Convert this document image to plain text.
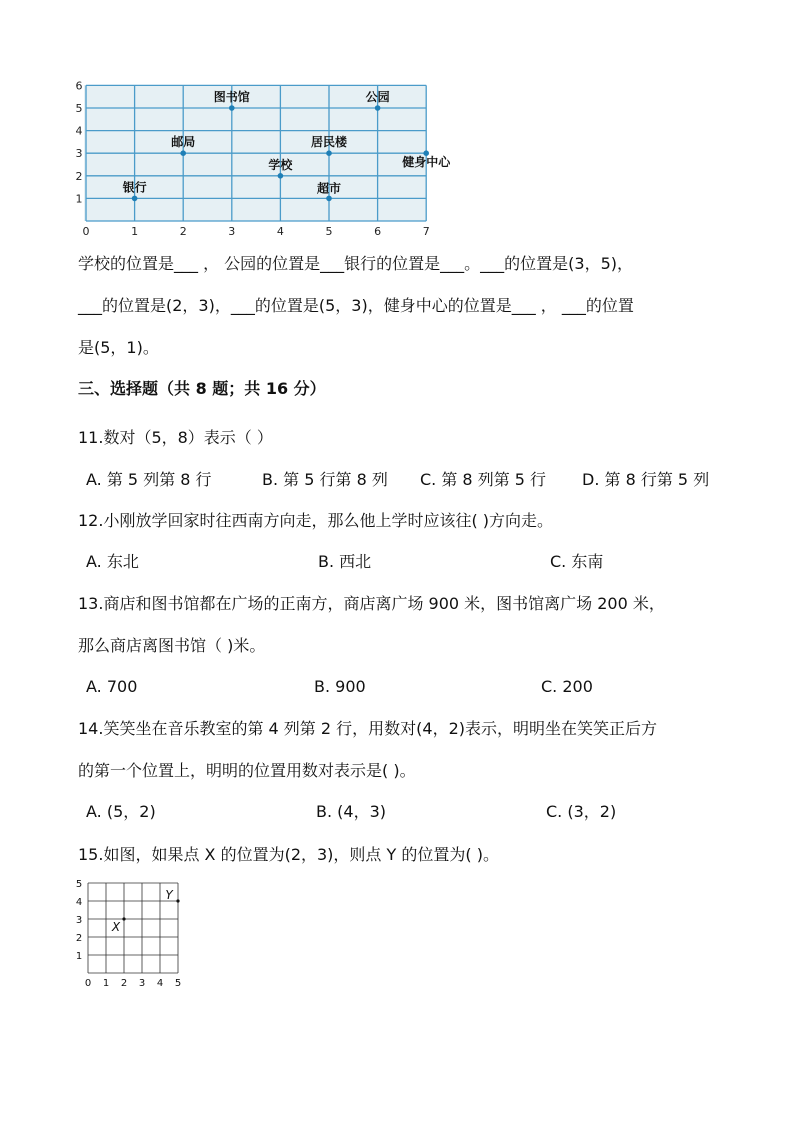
0	1	2	3	4	5	6	7
1
2
3
4
5
6
图书馆	公园
邮局	居民楼
健身中心
学校
银行	超市
学校的位置是___ ， 公园的位置是___银行的位置是___。___的位置是(3，5)，
___的位置是(2，3)，___的位置是(5，3)，健身中心的位置是___ ， ___的位置
是(5，1)。
三、选择题（共 8 题；共 16 分）
11.数对（5，8）表示（ ）
A. 第 5 列第 8 行	B. 第 5 行第 8 列 C. 第 8 列第 5 行 D. 第 8 行第 5 列
12.小刚放学回家时往西南方向走，那么他上学时应该往( )方向走。
A. 东北	B. 西北	C. 东南
13.商店和图书馆都在广场的正南方，商店离广场 900 米，图书馆离广场 200 米，
那么商店离图书馆（ )米。
A. 700	B. 900	C. 200
14.笑笑坐在音乐教室的第 4 列第 2 行，用数对(4，2)表示，明明坐在笑笑正后方
的第一个位置上，明明的位置用数对表示是( )。
A. (5，2)	B. (4，3)	C. (3，2)
15.如图，如果点 X 的位置为(2，3)，则点 Y 的位置为( )。
0 1 2 3 4 5
1
2
3
4
5
X
Y
